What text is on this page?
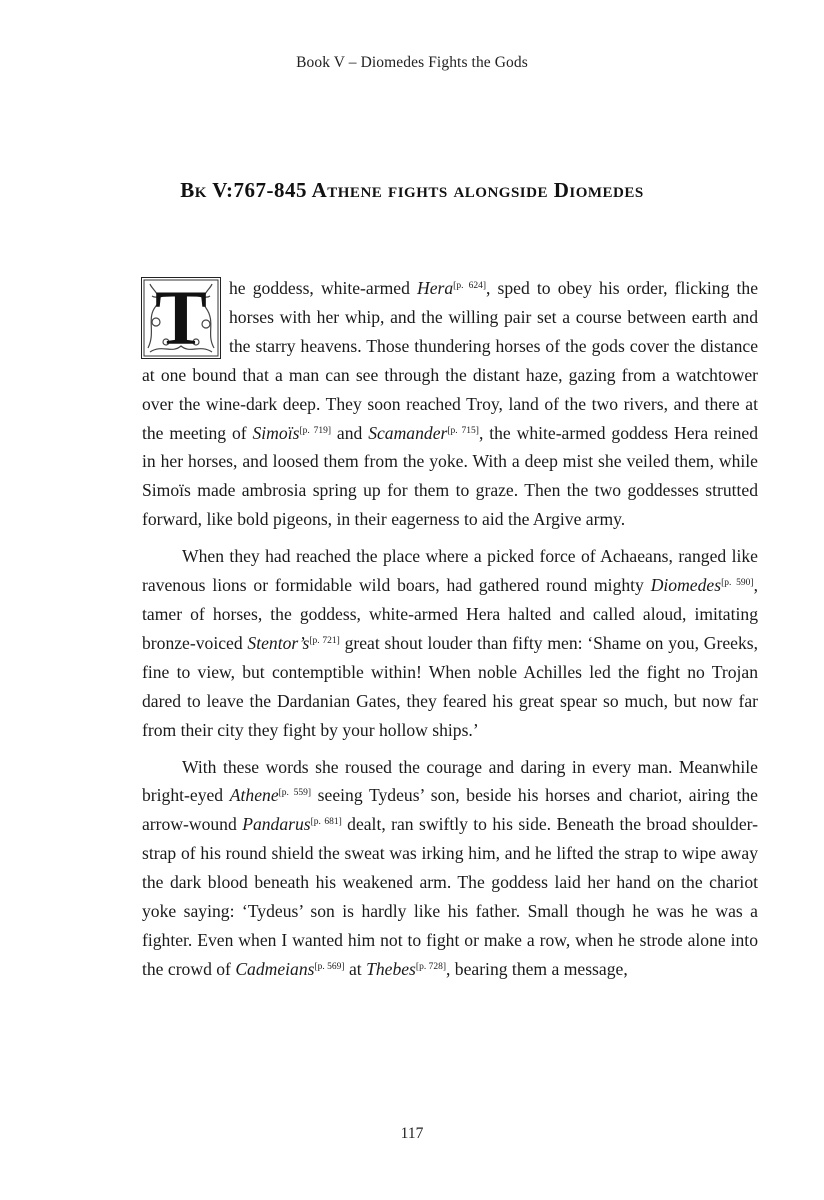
Book V – Diomedes Fights the Gods
Bk V:767-845 Athene fights alongside Diomedes

T	he goddess, white-armed Hera[p. 624], sped to obey his order, flicking the horses with her whip, and the willing pair set a course between earth and the starry heavens. Those thundering horses of the gods cover the distance at one bound that a man can see through the distant haze, gazing from a watchtower over the wine-dark deep. They soon reached Troy, land of the two rivers, and there at the meeting of Simoïs[p. 719] and Scamander[p. 715], the white-armed goddess Hera reined in her horses, and loosed them from the yoke. With a deep mist she veiled them, while Simoïs made ambrosia spring up for them to graze. Then the two goddesses strutted forward, like bold pigeons, in their eagerness to aid the Argive army.

When they had reached the place where a picked force of Achaeans, ranged like ravenous lions or formidable wild boars, had gathered round mighty Diomedes[p. 590], tamer of horses, the goddess, white-armed Hera halted and called aloud, imitating bronze-voiced Stentor’s[p. 721] great shout louder than fifty men: ‘Shame on you, Greeks, fine to view, but contemptible within! When noble Achilles led the fight no Trojan dared to leave the Dardanian Gates, they feared his great spear so much, but now far from their city they fight by your hollow ships.’

With these words she roused the courage and daring in every man. Meanwhile bright-eyed Athene[p. 559] seeing Tydeus’ son, beside his horses and chariot, airing the arrow-wound Pandarus[p. 681] dealt, ran swiftly to his side. Beneath the broad shoulder-strap of his round shield the sweat was irking him, and he lifted the strap to wipe away the dark blood beneath his weakened arm. The goddess laid her hand on the chariot yoke saying: ‘Tydeus’ son is hardly like his father. Small though he was he was a fighter. Even when I wanted him not to fight or make a row, when he strode alone into the crowd of Cadmeians[p. 569] at Thebes[p. 728], bearing them a message,

117
